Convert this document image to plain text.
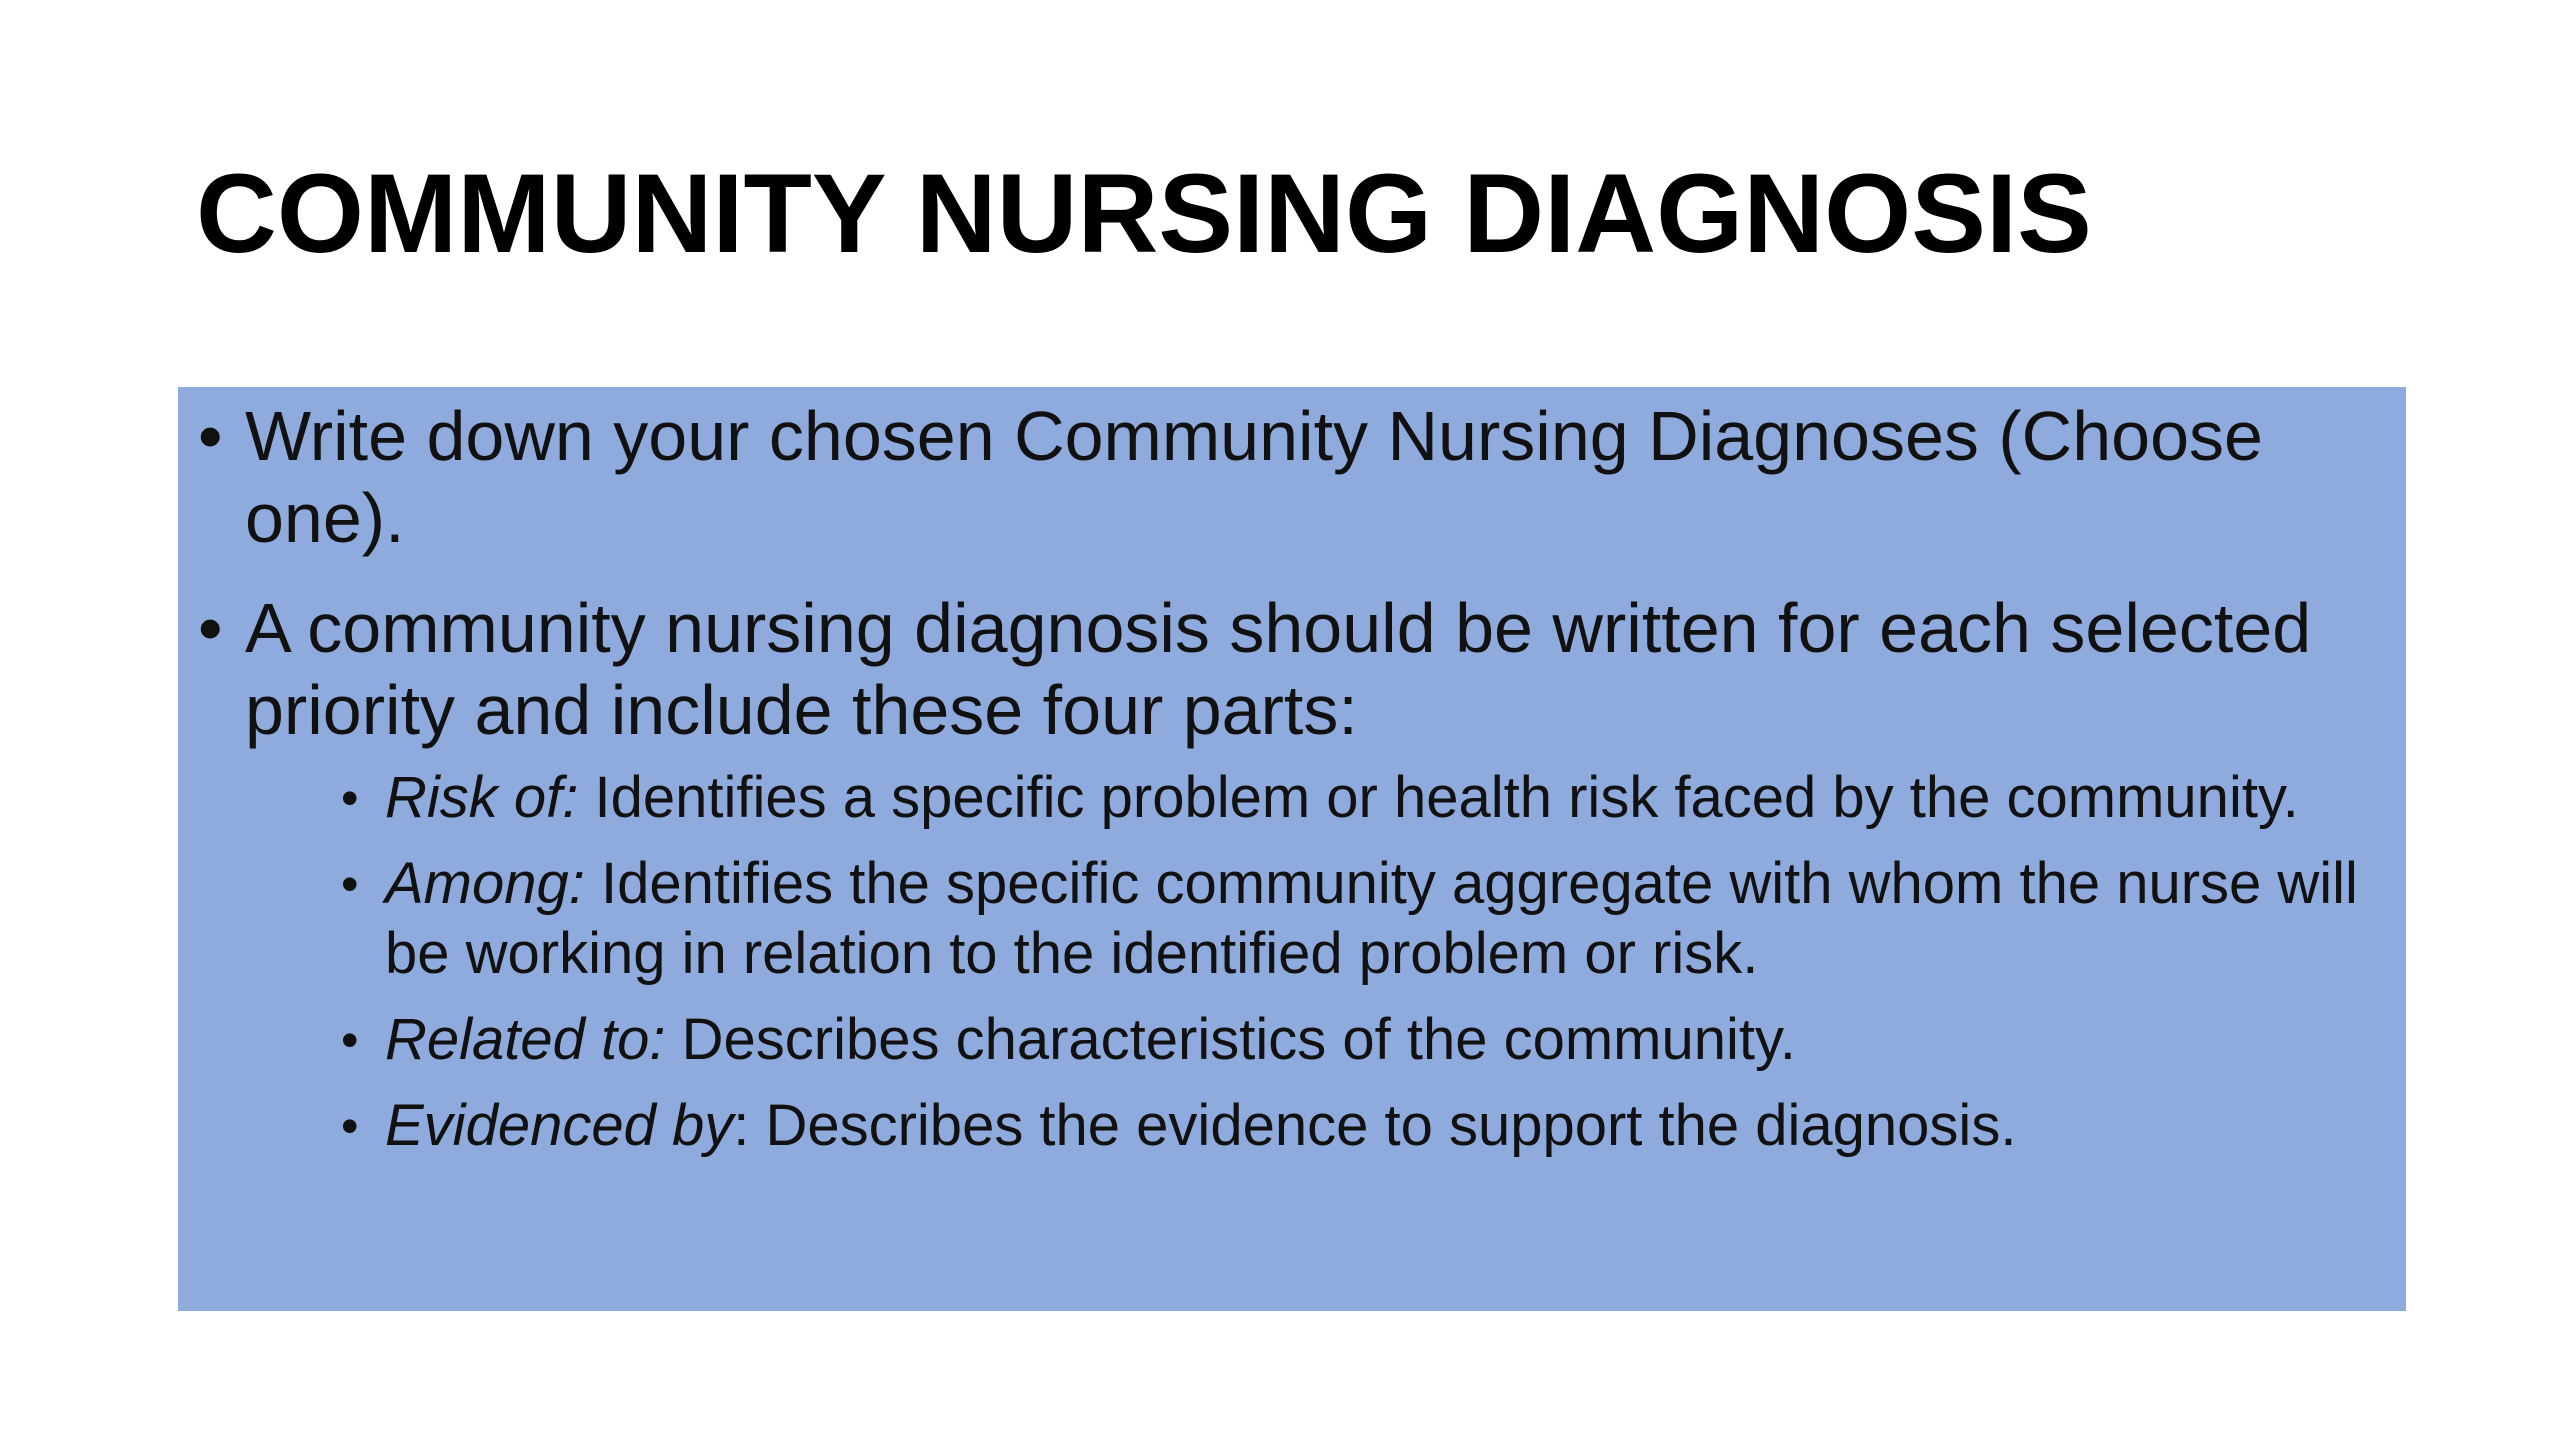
COMMUNITY NURSING DIAGNOSIS
• Write down your chosen Community Nursing Diagnoses (Choose one).
• A community nursing diagnosis should be written for each selected priority and include these four parts:
• Risk of: Identifies a specific problem or health risk faced by the community.
• Among: Identifies the specific community aggregate with whom the nurse will be working in relation to the identified problem or risk.
• Related to: Describes characteristics of the community.
• Evidenced by: Describes the evidence to support the diagnosis.
